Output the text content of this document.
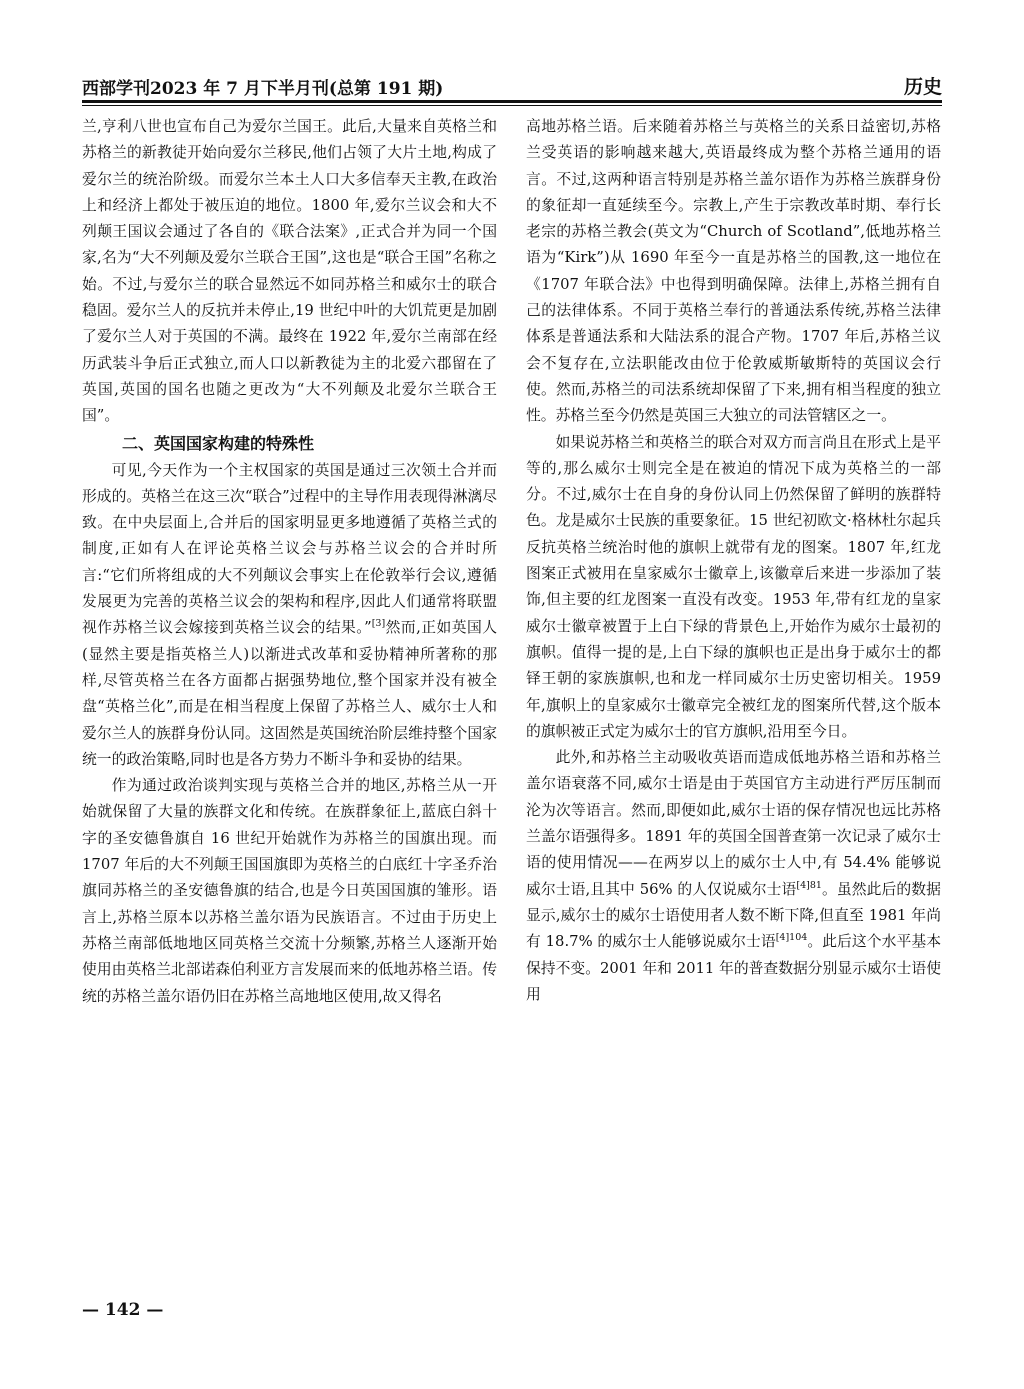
西部学刊2023 年 7 月下半月刊(总第 191 期)	历史

兰,亨利八世也宣布自己为爱尔兰国王。此后,大量来自英格兰和苏格兰的新教徒开始向爱尔兰移民,他们占领了大片土地,构成了爱尔兰的统治阶级。而爱尔兰本土人口大多信奉天主教,在政治上和经济上都处于被压迫的地位。1800 年,爱尔兰议会和大不列颠王国议会通过了各自的《联合法案》,正式合并为同一个国家,名为“大不列颠及爱尔兰联合王国”,这也是“联合王国”名称之始。不过,与爱尔兰的联合显然远不如同苏格兰和威尔士的联合稳固。爱尔兰人的反抗并未停止,19 世纪中叶的大饥荒更是加剧了爱尔兰人对于英国的不满。最终在 1922 年,爱尔兰南部在经历武装斗争后正式独立,而人口以新教徒为主的北爱六郡留在了英国,英国的国名也随之更改为“大不列颠及北爱尔兰联合王国”。

二、英国国家构建的特殊性

可见,今天作为一个主权国家的英国是通过三次领土合并而形成的。英格兰在这三次“联合”过程中的主导作用表现得淋漓尽致。在中央层面上,合并后的国家明显更多地遵循了英格兰式的制度,正如有人在评论英格兰议会与苏格兰议会的合并时所言:“它们所将组成的大不列颠议会事实上在伦敦举行会议,遵循发展更为完善的英格兰议会的架构和程序,因此人们通常将联盟视作苏格兰议会嫁接到英格兰议会的结果。”[3]然而,正如英国人(显然主要是指英格兰人)以渐进式改革和妥协精神所著称的那样,尽管英格兰在各方面都占据强势地位,整个国家并没有被全盘“英格兰化”,而是在相当程度上保留了苏格兰人、威尔士人和爱尔兰人的族群身份认同。这固然是英国统治阶层维持整个国家统一的政治策略,同时也是各方势力不断斗争和妥协的结果。

作为通过政治谈判实现与英格兰合并的地区,苏格兰从一开始就保留了大量的族群文化和传统。在族群象征上,蓝底白斜十字的圣安德鲁旗自 16 世纪开始就作为苏格兰的国旗出现。而 1707 年后的大不列颠王国国旗即为英格兰的白底红十字圣乔治旗同苏格兰的圣安德鲁旗的结合,也是今日英国国旗的雏形。语言上,苏格兰原本以苏格兰盖尔语为民族语言。不过由于历史上苏格兰南部低地地区同英格兰交流十分频繁,苏格兰人逐渐开始使用由英格兰北部诺森伯利亚方言发展而来的低地苏格兰语。传统的苏格兰盖尔语仍旧在苏格兰高地地区使用,故又得名

高地苏格兰语。后来随着苏格兰与英格兰的关系日益密切,苏格兰受英语的影响越来越大,英语最终成为整个苏格兰通用的语言。不过,这两种语言特别是苏格兰盖尔语作为苏格兰族群身份的象征却一直延续至今。宗教上,产生于宗教改革时期、奉行长老宗的苏格兰教会(英文为“Church of Scotland”,低地苏格兰语为“Kirk”)从 1690 年至今一直是苏格兰的国教,这一地位在《1707 年联合法》中也得到明确保障。法律上,苏格兰拥有自己的法律体系。不同于英格兰奉行的普通法系传统,苏格兰法律体系是普通法系和大陆法系的混合产物。1707 年后,苏格兰议会不复存在,立法职能改由位于伦敦威斯敏斯特的英国议会行使。然而,苏格兰的司法系统却保留了下来,拥有相当程度的独立性。苏格兰至今仍然是英国三大独立的司法管辖区之一。

如果说苏格兰和英格兰的联合对双方而言尚且在形式上是平等的,那么威尔士则完全是在被迫的情况下成为英格兰的一部分。不过,威尔士在自身的身份认同上仍然保留了鲜明的族群特色。龙是威尔士民族的重要象征。15 世纪初欧文·格林杜尔起兵反抗英格兰统治时他的旗帜上就带有龙的图案。1807 年,红龙图案正式被用在皇家威尔士徽章上,该徽章后来进一步添加了装饰,但主要的红龙图案一直没有改变。1953 年,带有红龙的皇家威尔士徽章被置于上白下绿的背景色上,开始作为威尔士最初的旗帜。值得一提的是,上白下绿的旗帜也正是出身于威尔士的都铎王朝的家族旗帜,也和龙一样同威尔士历史密切相关。1959 年,旗帜上的皇家威尔士徽章完全被红龙的图案所代替,这个版本的旗帜被正式定为威尔士的官方旗帜,沿用至今日。

此外,和苏格兰主动吸收英语而造成低地苏格兰语和苏格兰盖尔语衰落不同,威尔士语是由于英国官方主动进行严厉压制而沦为次等语言。然而,即便如此,威尔士语的保存情况也远比苏格兰盖尔语强得多。1891 年的英国全国普查第一次记录了威尔士语的使用情况——在两岁以上的威尔士人中,有 54.4% 能够说威尔士语,且其中 56% 的人仅说威尔士语$^{[4]81}$。虽然此后的数据显示,威尔士的威尔士语使用者人数不断下降,但直至 1981 年尚有 18.7% 的威尔士人能够说威尔士语$^{[4]104}$。此后这个水平基本保持不变。2001 年和 2011 年的普查数据分别显示威尔士语使用

— 142 —
